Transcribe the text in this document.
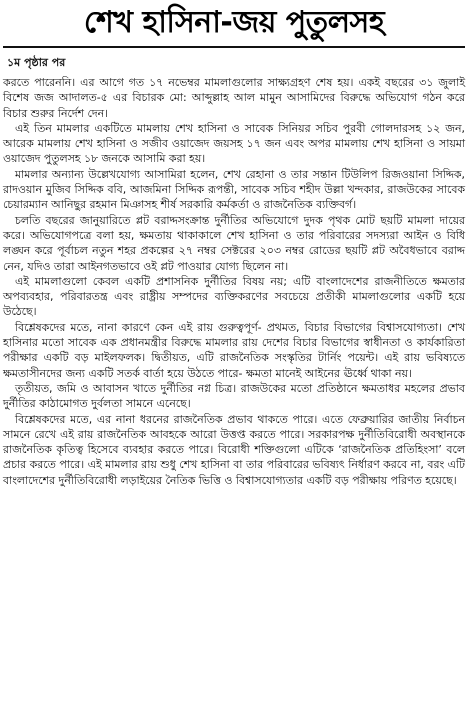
শেখ হাসিনা-জয় পুতুলসহ
১ম পৃষ্ঠার পর

করতে পারেননি। এর আগে গত ১৭ নভেম্বর মামলাগুলোর সাক্ষ্যগ্রহণ শেষ হয়। একই বছরের ৩১ জুলাই বিশেষ জজ আদালত-৫ এর বিচারক মো: আব্দুল্লাহ আল মামুন আসামিদের বিরুদ্ধে অভিযোগ গঠন করে বিচার শুরুর নির্দেশ দেন।

এই তিন মামলার একটিতে মামলায় শেখ হাসিনা ও সাবেক সিনিয়র সচিব পুরবী গোলদারসহ ১২ জন, আরেক মামলায় শেখ হাসিনা ও সজীব ওয়াজেদ জয়সহ ১৭ জন এবং অপর মামলায় শেখ হাসিনা ও সায়মা ওয়াজেদ পুতুলসহ ১৮ জনকে আসামি করা হয়।

মামলার অন্যান্য উল্লেখযোগ্য আসামিরা হলেন, শেখ রেহানা ও তার সন্তান টিউলিপ রিজওয়ানা সিদ্দিক, রাদওয়ান মুজিব সিদ্দিক ববি, আজমিনা সিদ্দিক রূপন্তী, সাবেক সচিব শহীদ উল্লা খন্দকার, রাজউকের সাবেক চেয়ারম্যান আনিছুর রহমান মিঞাসহ শীর্ষ সরকারি কর্মকর্তা ও রাজনৈতিক ব্যক্তিবর্গ।

চলতি বছরের জানুয়ারিতে প্লট বরাদ্দসংক্রান্ত দুর্নীতির অভিযোগে দুদক পৃথক মোট ছয়টি মামলা দায়ের করে। অভিযোগপত্রে বলা হয়, ক্ষমতায় থাকাকালে শেখ হাসিনা ও তার পরিবারের সদস্যরা আইন ও বিধি লঙ্ঘন করে পূর্বাচল নতুন শহর প্রকল্পের ২৭ নম্বর সেক্টরের ২০৩ নম্বর রোডের ছয়টি প্লট অবৈধভাবে বরাদ্দ নেন, যদিও তারা আইনগতভাবে ওই প্লট পাওয়ার যোগ্য ছিলেন না।

এই মামলাগুলো কেবল একটি প্রশাসনিক দুর্নীতির বিষয় নয়; এটি বাংলাদেশের রাজনীতিতে ক্ষমতার অপব্যবহার, পরিবারতন্ত্র এবং রাষ্ট্রীয় সম্পদের ব্যক্তিকরণের সবচেয়ে প্রতীকী মামলাগুলোর একটি হয়ে উঠেছে।

বিশ্লেষকদের মতে, নানা কারণে কেন এই রায় গুরুত্বপূর্ণ- প্রথমত, বিচার বিভাগের বিশ্বাসযোগ্যতা। শেখ হাসিনার মতো সাবেক এক প্রধানমন্ত্রীর বিরুদ্ধে মামলার রায় দেশের বিচার বিভাগের স্বাধীনতা ও কার্যকারিতা পরীক্ষার একটি বড় মাইলফলক। দ্বিতীয়ত, এটি রাজনৈতিক সংস্কৃতির টার্নিং পয়েন্ট। এই রায় ভবিষ্যতে ক্ষমতাসীনদের জন্য একটি সতর্ক বার্তা হয়ে উঠতে পারে- ক্ষমতা মানেই আইনের ঊর্ধ্বে থাকা নয়।

তৃতীয়ত, জমি ও আবাসন খাতে দুর্নীতির নগ্ন চিত্র। রাজউকের মতো প্রতিষ্ঠানে ক্ষমতাধর মহলের প্রভাব দুর্নীতির কাঠামোগত দুর্বলতা সামনে এনেছে।

বিশ্লেষকদের মতে, এর নানা ধরনের রাজনৈতিক প্রভাব থাকতে পারে। এতে ফেব্রুয়ারির জাতীয় নির্বাচন সামনে রেখে এই রায় রাজনৈতিক আবহকে আরো উত্তপ্ত করতে পারে। সরকারপক্ষ দুর্নীতিবিরোধী অবস্থানকে রাজনৈতিক কৃতিত্ব হিসেবে ব্যবহার করতে পারে। বিরোধী শক্তিগুলো এটিকে ‘রাজনৈতিক প্রতিহিংসা’ বলে প্রচার করতে পারে। এই মামলার রায় শুধু শেখ হাসিনা বা তার পরিবারের ভবিষ্যৎ নির্ধারণ করবে না, বরং এটি বাংলাদেশের দুর্নীতিবিরোধী লড়াইয়ের নৈতিক ভিত্তি ও বিশ্বাসযোগ্যতার একটি বড় পরীক্ষায় পরিণত হয়েছে।
